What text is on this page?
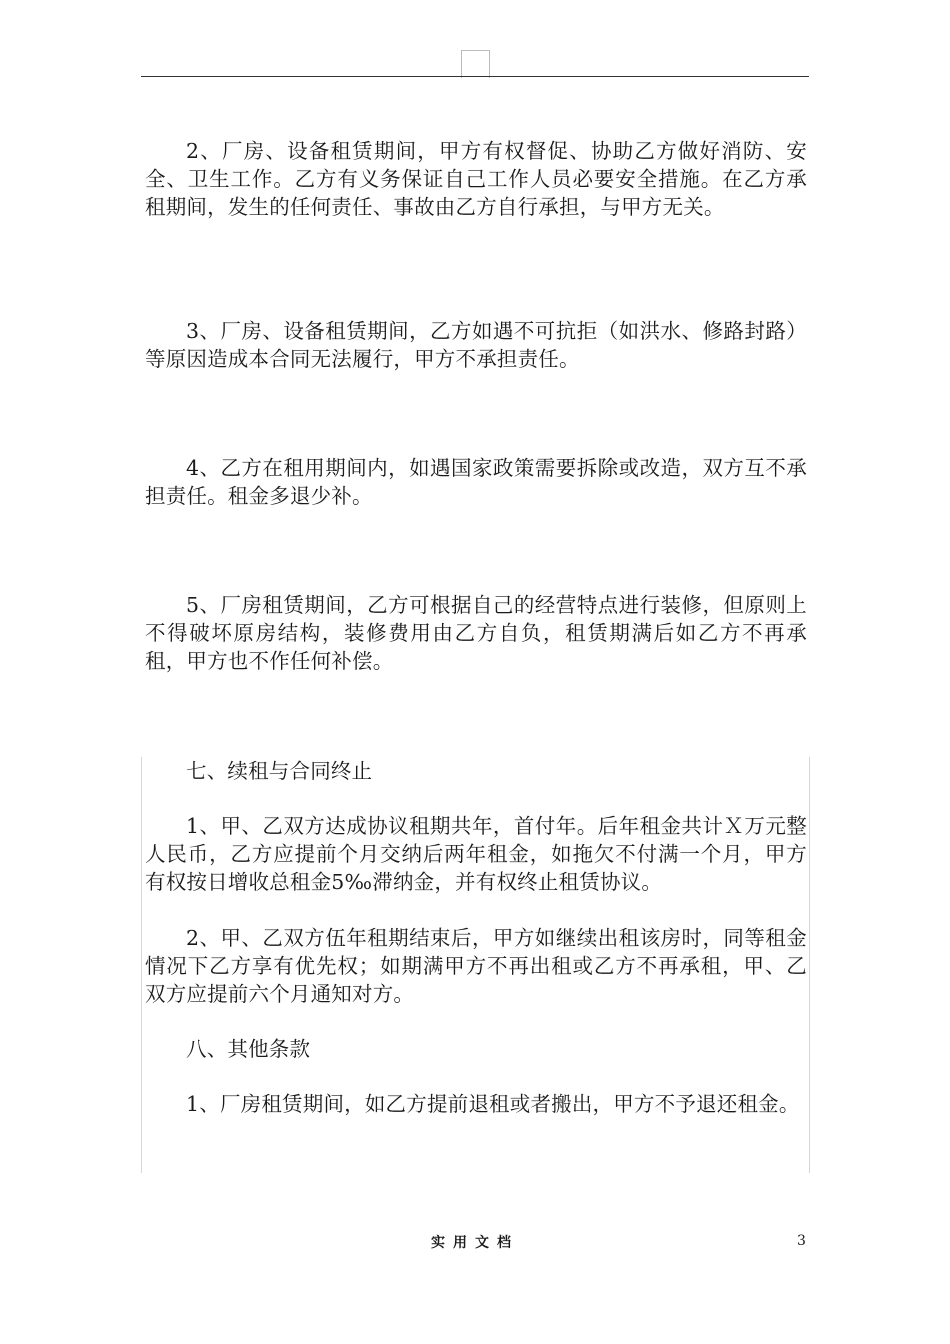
2、厂房、设备租赁期间，甲方有权督促、协助乙方做好消防、安全、卫生工作。乙方有义务保证自己工作人员必要安全措施。在乙方承租期间，发生的任何责任、事故由乙方自行承担，与甲方无关。

3、厂房、设备租赁期间，乙方如遇不可抗拒（如洪水、修路封路）等原因造成本合同无法履行，甲方不承担责任。

4、乙方在租用期间内，如遇国家政策需要拆除或改造，双方互不承担责任。租金多退少补。

5、厂房租赁期间，乙方可根据自己的经营特点进行装修，但原则上不得破坏原房结构，装修费用由乙方自负，租赁期满后如乙方不再承租，甲方也不作任何补偿。

七、续租与合同终止

1、甲、乙双方达成协议租期共年，首付年。后年租金共计Ｘ万元整人民币，乙方应提前个月交纳后两年租金，如拖欠不付满一个月，甲方有权按日增收总租金5‰滞纳金，并有权终止租赁协议。

2、甲、乙双方伍年租期结束后，甲方如继续出租该房时，同等租金情况下乙方享有优先权；如期满甲方不再出租或乙方不再承租，甲、乙双方应提前六个月通知对方。

八、其他条款

1、厂房租赁期间，如乙方提前退租或者搬出，甲方不予退还租金。

实用文档	3
